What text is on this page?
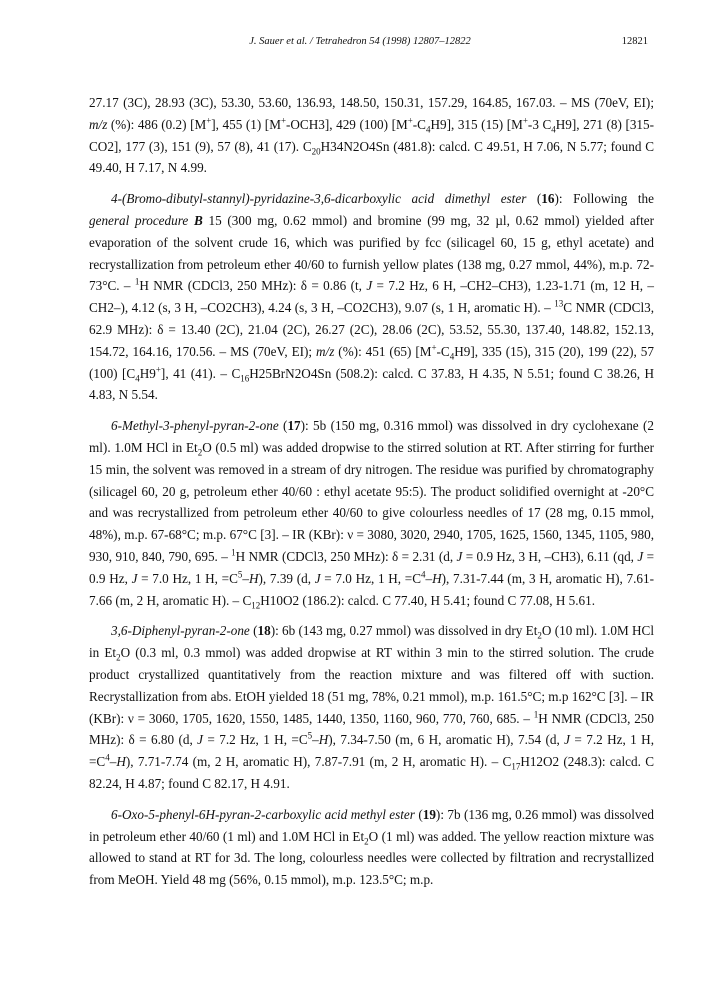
J. Sauer et al. / Tetrahedron 54 (1998) 12807–12822	12821

27.17 (3C), 28.93 (3C), 53.30, 53.60, 136.93, 148.50, 150.31, 157.29, 164.85, 167.03. – MS (70eV, EI); m/z (%): 486 (0.2) [M+], 455 (1) [M+-OCH3], 429 (100) $[M^+-C_4H9]$, 315 (15) [M+-3 $C_4H9$], 271 (8) [315-CO2], 177 (3), 151 (9), 57 (8), 41 (17). $C_{20}H34N2O4Sn$ (481.8): calcd. C 49.51, H 7.06, N 5.77; found C 49.40, H 7.17, N 4.99.

4-(Bromo-dibutyl-stannyl)-pyridazine-3,6-dicarboxylic acid dimethyl ester (16): Following the general procedure B 15 (300 mg, 0.62 mmol) and bromine (99 mg, 32 µl, 0.62 mmol) yielded after evaporation of the solvent crude 16, which was purified by fcc (silicagel 60, 15 g, ethyl acetate) and recrystallization from petroleum ether 40/60 to furnish yellow plates (138 mg, 0.27 mmol, 44%), m.p. 72-73°C. – $^1$H NMR (CDCl3, 250 MHz): δ = 0.86 (t, J = 7.2 Hz, 6 H, –CH2–CH3), 1.23-1.71 (m, 12 H, –CH2–), 4.12 (s, 3 H, –CO2CH3), 4.24 (s, 3 H, –CO2CH3), 9.07 (s, 1 H, aromatic H). – $^{13}$C NMR (CDCl3, 62.9 MHz): δ = 13.40 (2C), 21.04 (2C), 26.27 (2C), 28.06 (2C), 53.52, 55.30, 137.40, 148.82, 152.13, 154.72, 164.16, 170.56. – MS (70eV, EI); m/z (%): 451 (65) $[M^+-C_4H9]$, 335 (15), 315 (20), 199 (22), 57 (100) $[C_4H9^+]$, 41 (41). – $C_{16}H25BrN2O4Sn$ (508.2): calcd. C 37.83, H 4.35, N 5.51; found C 38.26, H 4.83, N 5.54.

6-Methyl-3-phenyl-pyran-2-one (17): 5b (150 mg, 0.316 mmol) was dissolved in dry cyclohexane (2 ml). 1.0M HCl in $Et_2O$ (0.5 ml) was added dropwise to the stirred solution at RT. After stirring for further 15 min, the solvent was removed in a stream of dry nitrogen. The residue was purified by chromatography (silicagel 60, 20 g, petroleum ether 40/60 : ethyl acetate 95:5). The product solidified overnight at -20°C and was recrystallized from petroleum ether 40/60 to give colourless needles of 17 (28 mg, 0.15 mmol, 48%), m.p. 67-68°C; m.p. 67°C [3]. – IR (KBr): ν = 3080, 3020, 2940, 1705, 1625, 1560, 1345, 1105, 980, 930, 910, 840, 790, 695. – $^1$H NMR (CDCl3, 250 MHz): δ = 2.31 (d, J = 0.9 Hz, 3 H, –CH3), 6.11 (qd, J = 0.9 Hz, J = 7.0 Hz, 1 H, $=C^5-H$), 7.39 (d, J = 7.0 Hz, 1 H, $=C^4-H$), 7.31-7.44 (m, 3 H, aromatic H), 7.61-7.66 (m, 2 H, aromatic H). – $C_{12}H10O2$ (186.2): calcd. C 77.40, H 5.41; found C 77.08, H 5.61.

3,6-Diphenyl-pyran-2-one (18): 6b (143 mg, 0.27 mmol) was dissolved in dry $Et_2O$ (10 ml). 1.0M HCl in $Et_2O$ (0.3 ml, 0.3 mmol) was added dropwise at RT within 3 min to the stirred solution. The crude product crystallized quantitatively from the reaction mixture and was filtered off with suction. Recrystallization from abs. EtOH yielded 18 (51 mg, 78%, 0.21 mmol), m.p. 161.5°C; m.p 162°C [3]. – IR (KBr): ν = 3060, 1705, 1620, 1550, 1485, 1440, 1350, 1160, 960, 770, 760, 685. – $^1$H NMR (CDCl3, 250 MHz): δ = 6.80 (d, J = 7.2 Hz, 1 H, $=C^5-H$), 7.34-7.50 (m, 6 H, aromatic H), 7.54 (d, J = 7.2 Hz, 1 H, $=C^4-H$), 7.71-7.74 (m, 2 H, aromatic H), 7.87-7.91 (m, 2 H, aromatic H). – $C_{17}H12O2$ (248.3): calcd. C 82.24, H 4.87; found C 82.17, H 4.91.

6-Oxo-5-phenyl-6H-pyran-2-carboxylic acid methyl ester (19): 7b (136 mg, 0.26 mmol) was dissolved in petroleum ether 40/60 (1 ml) and 1.0M HCl in $Et_2O$ (1 ml) was added. The yellow reaction mixture was allowed to stand at RT for 3d. The long, colourless needles were collected by filtration and recrystallized from MeOH. Yield 48 mg (56%, 0.15 mmol), m.p. 123.5°C; m.p.
